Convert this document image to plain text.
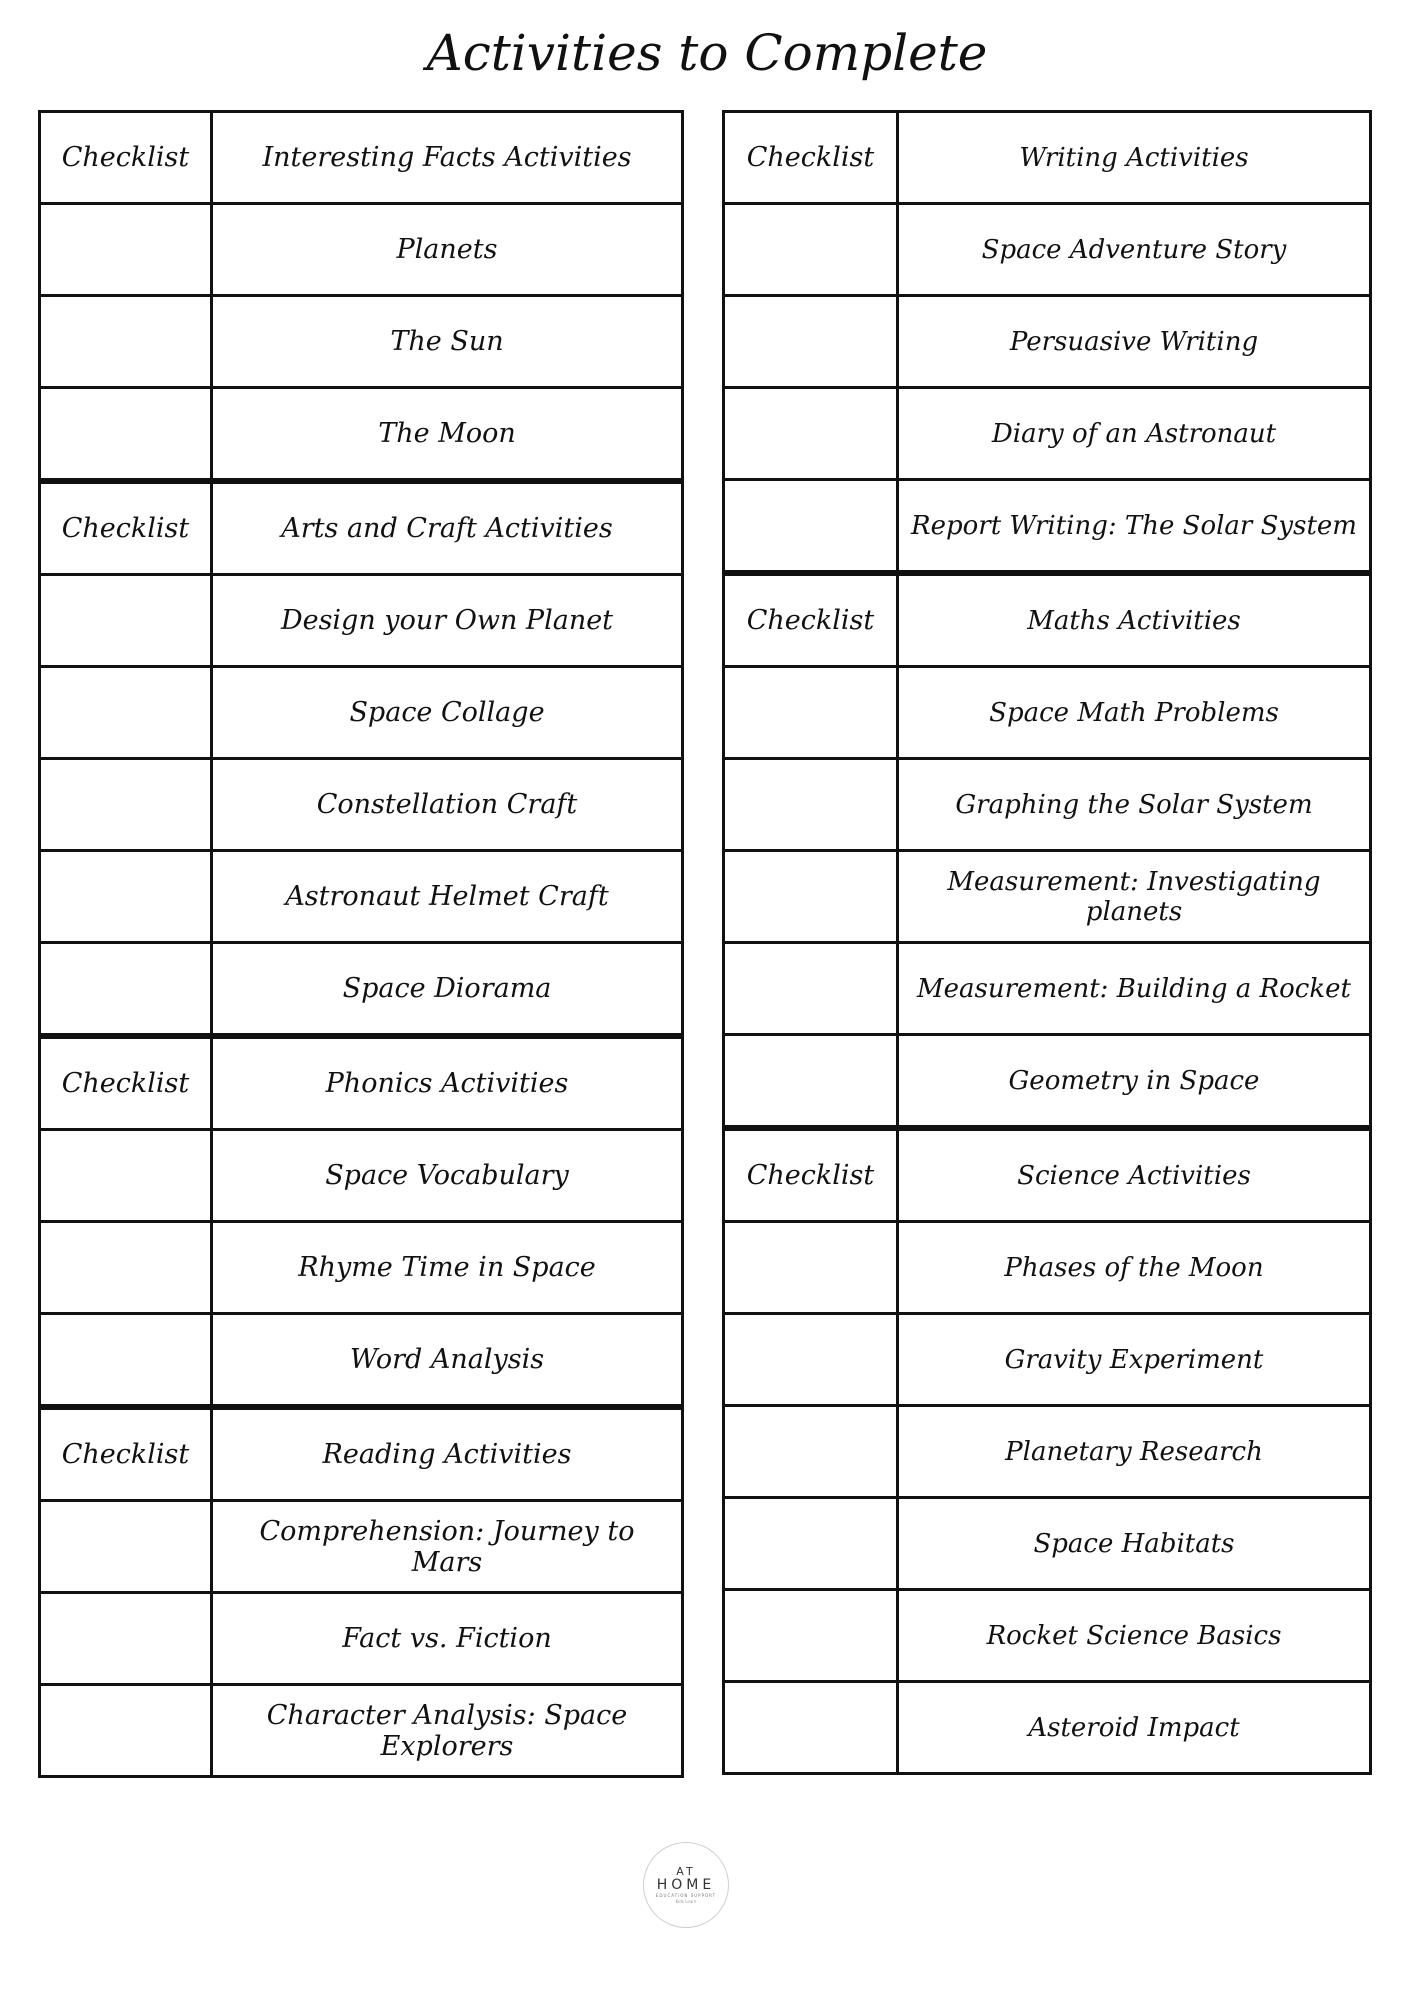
Activities to Complete
Checklist	Interesting Facts Activities
Planets
The Sun
The Moon
Checklist	Arts and Craft Activities
Design your Own Planet
Space Collage
Constellation Craft
Astronaut Helmet Craft
Space Diorama
Checklist	Phonics Activities
Space Vocabulary
Rhyme Time in Space
Word Analysis
Checklist	Reading Activities
Comprehension: Journey to Mars
Fact vs. Fiction
Character Analysis: Space Explorers
Checklist	Writing Activities
Space Adventure Story
Persuasive Writing
Diary of an Astronaut
Report Writing: The Solar System
Checklist	Maths Activities
Space Math Problems
Graphing the Solar System
Measurement: Investigating planets
Measurement: Building a Rocket
Geometry in Space
Checklist	Science Activities
Phases of the Moon
Gravity Experiment
Planetary Research
Space Habitats
Rocket Science Basics
Asteroid Impact
AT
HOME
EDUCATION SUPPORT
Kids Learn
